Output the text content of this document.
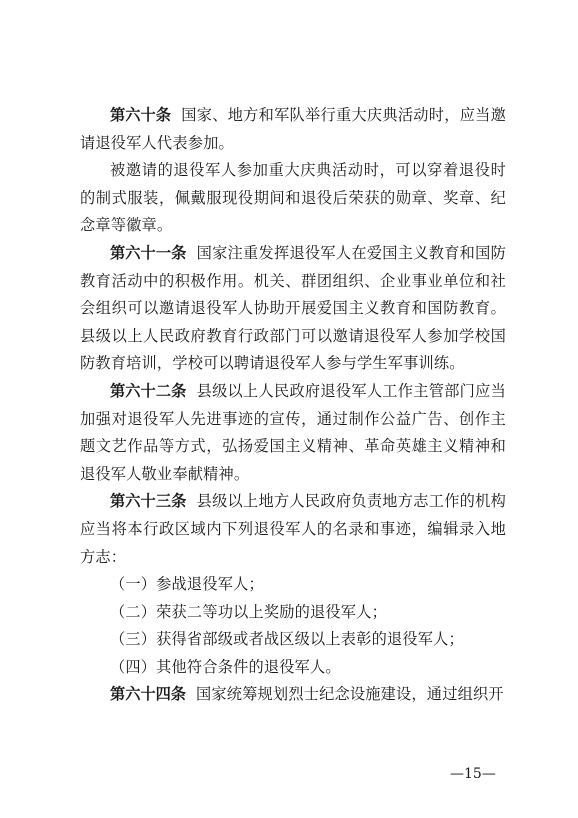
第六十条 国家、地方和军队举行重大庆典活动时，应当邀请退役军人代表参加。

被邀请的退役军人参加重大庆典活动时，可以穿着退役时的制式服装，佩戴服现役期间和退役后荣获的勋章、奖章、纪念章等徽章。

第六十一条 国家注重发挥退役军人在爱国主义教育和国防教育活动中的积极作用。机关、群团组织、企业事业单位和社会组织可以邀请退役军人协助开展爱国主义教育和国防教育。县级以上人民政府教育行政部门可以邀请退役军人参加学校国防教育培训，学校可以聘请退役军人参与学生军事训练。

第六十二条 县级以上人民政府退役军人工作主管部门应当加强对退役军人先进事迹的宣传，通过制作公益广告、创作主题文艺作品等方式，弘扬爱国主义精神、革命英雄主义精神和退役军人敬业奉献精神。

第六十三条 县级以上地方人民政府负责地方志工作的机构应当将本行政区域内下列退役军人的名录和事迹，编辑录入地方志：

（一）参战退役军人；

（二）荣获二等功以上奖励的退役军人；

（三）获得省部级或者战区级以上表彰的退役军人；

（四）其他符合条件的退役军人。

第六十四条 国家统筹规划烈士纪念设施建设，通过组织开

—15—
